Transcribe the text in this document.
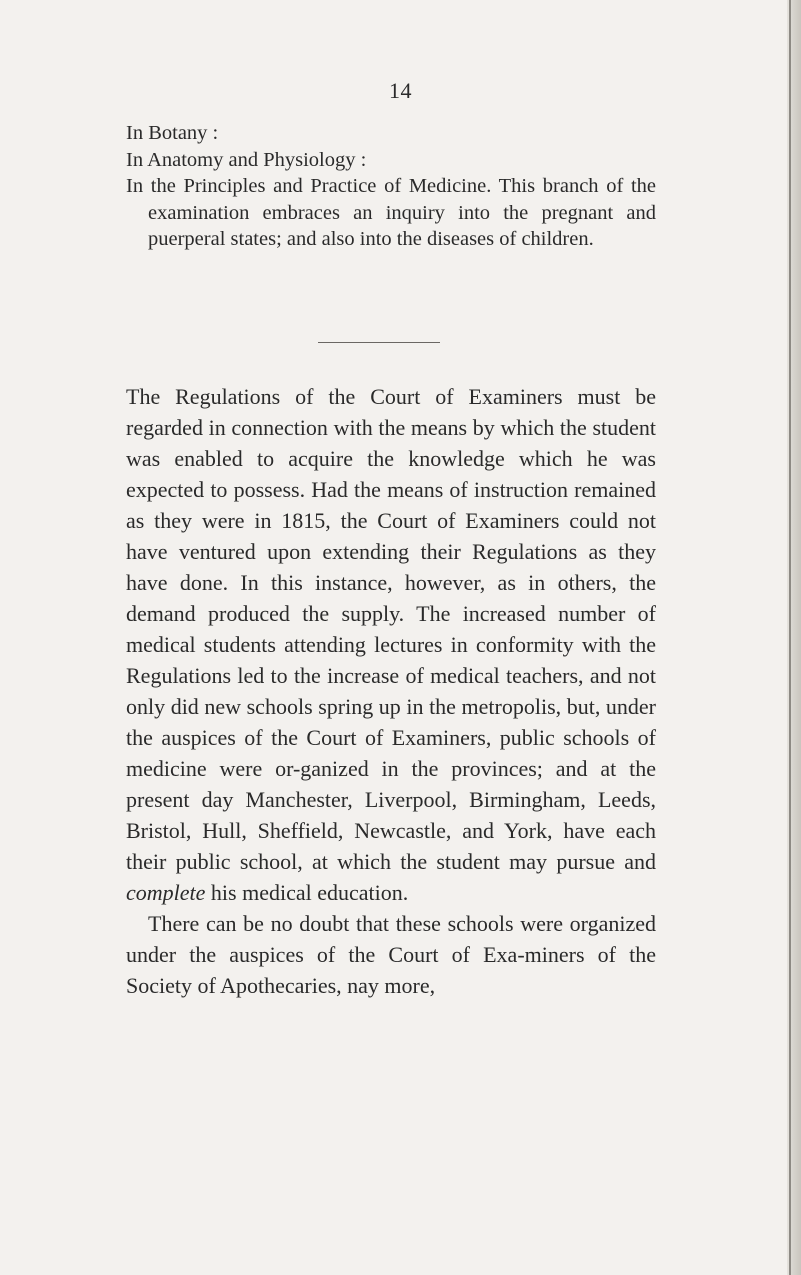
14

In Botany :

In Anatomy and Physiology :

In the Principles and Practice of Medicine. This branch of the examination embraces an inquiry into the pregnant and puerperal states; and also into the diseases of children.

The Regulations of the Court of Examiners must be regarded in connection with the means by which the student was enabled to acquire the knowledge which he was expected to possess. Had the means of instruction remained as they were in 1815, the Court of Examiners could not have ventured upon extending their Regulations as they have done. In this instance, however, as in others, the demand produced the supply. The increased number of medical students attending lectures in conformity with the Regulations led to the increase of medical teachers, and not only did new schools spring up in the metropolis, but, under the auspices of the Court of Examiners, public schools of medicine were or-ganized in the provinces; and at the present day Manchester, Liverpool, Birmingham, Leeds, Bristol, Hull, Sheffield, Newcastle, and York, have each their public school, at which the student may pursue and complete his medical education.

There can be no doubt that these schools were organized under the auspices of the Court of Exa-miners of the Society of Apothecaries, nay more,
